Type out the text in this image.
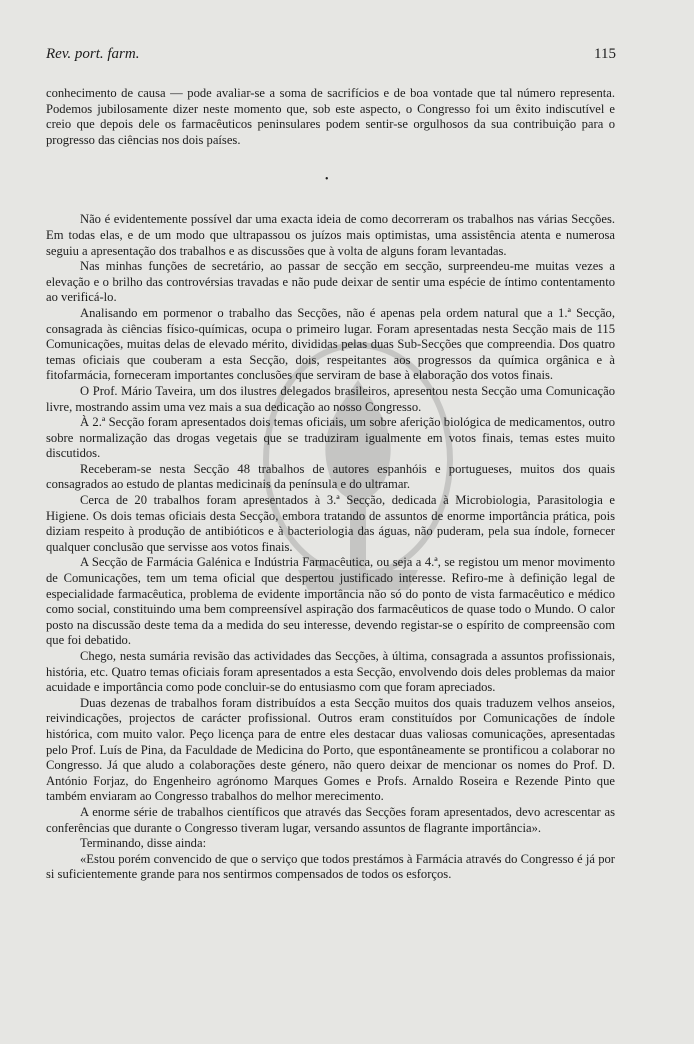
Rev. port. farm.	115

conhecimento de causa — pode avaliar-se a soma de sacrifícios e de boa vontade que tal número representa. Podemos jubilosamente dizer neste momento que, sob este aspecto, o Congresso foi um êxito indiscutível e creio que depois dele os farmacêuticos peninsulares podem sentir-se orgulhosos da sua contribuição para o progresso das ciências nos dois países.

•

Não é evidentemente possível dar uma exacta ideia de como decorreram os trabalhos nas várias Secções. Em todas elas, e de um modo que ultrapassou os juízos mais optimistas, uma assistência atenta e numerosa seguiu a apresentação dos trabalhos e as discussões que à volta de alguns foram levantadas.

Nas minhas funções de secretário, ao passar de secção em secção, surpreendeu-me muitas vezes a elevação e o brilho das controvérsias travadas e não pude deixar de sentir uma espécie de íntimo contentamento ao verificá-lo.

Analisando em pormenor o trabalho das Secções, não é apenas pela ordem natural que a 1.ª Secção, consagrada às ciências físico-químicas, ocupa o primeiro lugar. Foram apresentadas nesta Secção mais de 115 Comunicações, muitas delas de elevado mérito, divididas pelas duas Sub-Secções que compreendia. Dos quatro temas oficiais que couberam a esta Secção, dois, respeitantes aos progressos da química orgânica e à fitofarmácia, forneceram importantes conclusões que serviram de base à elaboração dos votos finais.

O Prof. Mário Taveira, um dos ilustres delegados brasileiros, apresentou nesta Secção uma Comunicação livre, mostrando assim uma vez mais a sua dedicação ao nosso Congresso.

À 2.ª Secção foram apresentados dois temas oficiais, um sobre aferição biológica de medicamentos, outro sobre normalização das drogas vegetais que se traduziram igualmente em votos finais, temas estes muito discutidos.

Receberam-se nesta Secção 48 trabalhos de autores espanhóis e portugueses, muitos dos quais consagrados ao estudo de plantas medicinais da península e do ultramar.

Cerca de 20 trabalhos foram apresentados à 3.ª Secção, dedicada à Microbiologia, Parasitologia e Higiene. Os dois temas oficiais desta Secção, embora tratando de assuntos de enorme importância prática, pois diziam respeito à produção de antibióticos e à bacteriologia das águas, não puderam, pela sua índole, fornecer qualquer conclusão que servisse aos votos finais.

A Secção de Farmácia Galénica e Indústria Farmacêutica, ou seja a 4.ª, se registou um menor movimento de Comunicações, tem um tema oficial que despertou justificado interesse. Refiro-me à definição legal de especialidade farmacêutica, problema de evidente importância não só do ponto de vista farmacêutico e médico como social, constituindo uma bem compreensível aspiração dos farmacêuticos de quase todo o Mundo. O calor posto na discussão deste tema da a medida do seu interesse, devendo registar-se o espírito de compreensão com que foi debatido.

Chego, nesta sumária revisão das actividades das Secções, à última, consagrada a assuntos profissionais, história, etc. Quatro temas oficiais foram apresentados a esta Secção, envolvendo dois deles problemas da maior acuidade e importância como pode concluir-se do entusiasmo com que foram apreciados.

Duas dezenas de trabalhos foram distribuídos a esta Secção muitos dos quais traduzem velhos anseios, reivindicações, projectos de carácter profissional. Outros eram constituídos por Comunicações de índole histórica, com muito valor. Peço licença para de entre eles destacar duas valiosas comunicações, apresentadas pelo Prof. Luís de Pina, da Faculdade de Medicina do Porto, que espontâneamente se prontificou a colaborar no Congresso. Já que aludo a colaborações deste género, não quero deixar de mencionar os nomes do Prof. D. António Forjaz, do Engenheiro agrónomo Marques Gomes e Profs. Arnaldo Roseira e Rezende Pinto que também enviaram ao Congresso trabalhos do melhor merecimento.

A enorme série de trabalhos científicos que através das Secções foram apresentados, devo acrescentar as conferências que durante o Congresso tiveram lugar, versando assuntos de flagrante importância».

Terminando, disse ainda:

«Estou porém convencido de que o serviço que todos prestámos à Farmácia através do Congresso é já por si suficientemente grande para nos sentirmos compensados de todos os esforços.
